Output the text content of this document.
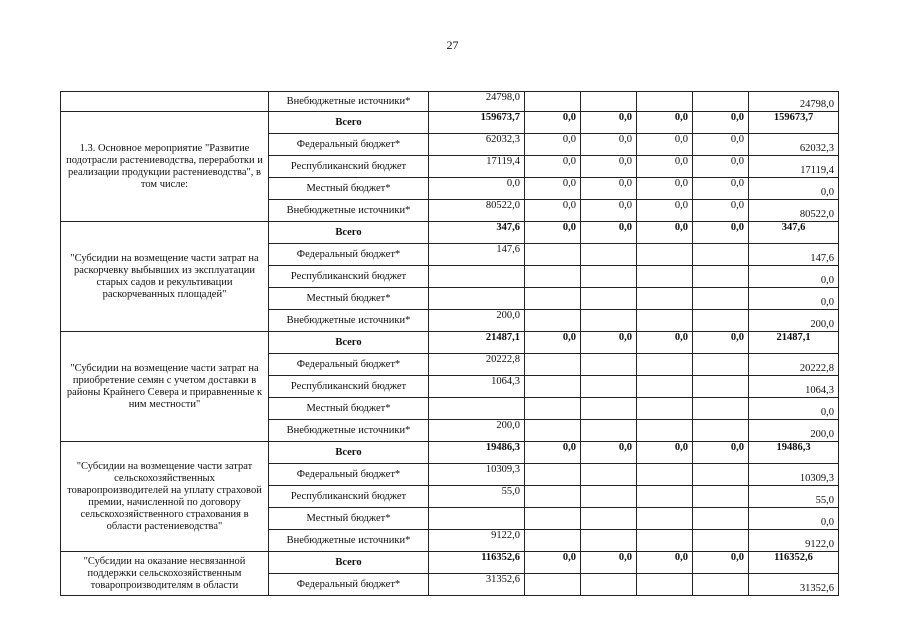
27
	Внебюджетные источники*	24798,0					24798,0
1.3. Основное мероприятие "Развитие подотрасли растениеводства, переработки и реализации продукции растениеводства", в том числе:	Всего	159673,7	0,0	0,0	0,0	0,0	159673,7
	Федеральный бюджет*	62032,3	0,0	0,0	0,0	0,0	62032,3
	Республиканский бюджет	17119,4	0,0	0,0	0,0	0,0	17119,4
	Местный бюджет*	0,0	0,0	0,0	0,0	0,0	0,0
	Внебюджетные источники*	80522,0	0,0	0,0	0,0	0,0	80522,0
"Субсидии на возмещение части затрат на раскорчевку выбывших из эксплуатации старых садов и рекультивации раскорчеванных площадей"	Всего	347,6	0,0	0,0	0,0	0,0	347,6
	Федеральный бюджет*	147,6					147,6
	Республиканский бюджет						0,0
	Местный бюджет*						0,0
	Внебюджетные источники*	200,0					200,0
"Субсидии на возмещение части затрат на приобретение семян с учетом доставки в районы Крайнего Севера и приравненные к ним местности"	Всего	21487,1	0,0	0,0	0,0	0,0	21487,1
	Федеральный бюджет*	20222,8					20222,8
	Республиканский бюджет	1064,3					1064,3
	Местный бюджет*						0,0
	Внебюджетные источники*	200,0					200,0
"Субсидии на возмещение части затрат сельскохозяйственных товаропроизводителей на уплату страховой премии, начисленной по договору сельскохозяйственного страхования в области растениеводства"	Всего	19486,3	0,0	0,0	0,0	0,0	19486,3
	Федеральный бюджет*	10309,3					10309,3
	Республиканский бюджет	55,0					55,0
	Местный бюджет*						0,0
	Внебюджетные источники*	9122,0					9122,0
"Субсидии на оказание несвязанной поддержки сельскохозяйственным товаропроизводителям в области	Всего	116352,6	0,0	0,0	0,0	0,0	116352,6
	Федеральный бюджет*	31352,6					31352,6
